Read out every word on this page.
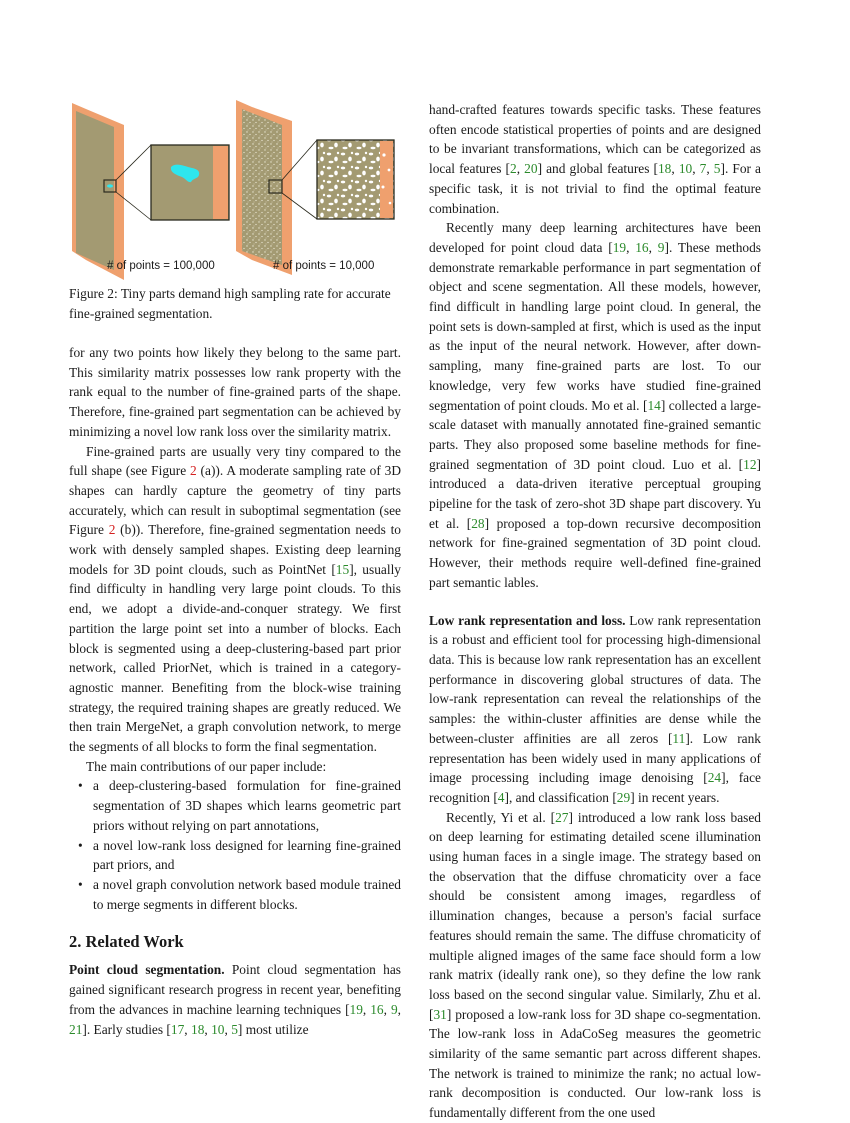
# of points = 100,000	# of points = 10,000
Figure 2: Tiny parts demand high sampling rate for accurate fine-grained segmentation.

for any two points how likely they belong to the same part. This similarity matrix possesses low rank property with the rank equal to the number of fine-grained parts of the shape. Therefore, fine-grained part segmentation can be achieved by minimizing a novel low rank loss over the similarity matrix.

Fine-grained parts are usually very tiny compared to the full shape (see Figure 2 (a)). A moderate sampling rate of 3D shapes can hardly capture the geometry of tiny parts accurately, which can result in suboptimal segmentation (see Figure 2 (b)). Therefore, fine-grained segmentation needs to work with densely sampled shapes. Existing deep learning models for 3D point clouds, such as PointNet [15], usually find difficulty in handling very large point clouds. To this end, we adopt a divide-and-conquer strategy. We first partition the large point set into a number of blocks. Each block is segmented using a deep-clustering-based part prior network, called PriorNet, which is trained in a category-agnostic manner. Benefiting from the block-wise training strategy, the required training shapes are greatly reduced. We then train MergeNet, a graph convolution network, to merge the segments of all blocks to form the final segmentation.

The main contributions of our paper include:

• a deep-clustering-based formulation for fine-grained segmentation of 3D shapes which learns geometric part priors without relying on part annotations,
• a novel low-rank loss designed for learning fine-grained part priors, and
• a novel graph convolution network based module trained to merge segments in different blocks.
2. Related Work

Point cloud segmentation. Point cloud segmentation has gained significant research progress in recent year, benefiting from the advances in machine learning techniques [19, 16, 9, 21]. Early studies [17, 18, 10, 5] most utilize

hand-crafted features towards specific tasks. These features often encode statistical properties of points and are designed to be invariant transformations, which can be categorized as local features [2, 20] and global features [18, 10, 7, 5]. For a specific task, it is not trivial to find the optimal feature combination.

Recently many deep learning architectures have been developed for point cloud data [19, 16, 9]. These methods demonstrate remarkable performance in part segmentation of object and scene segmentation. All these models, however, find difficult in handling large point cloud. In general, the point sets is down-sampled at first, which is used as the input as the input of the neural network. However, after down-sampling, many fine-grained parts are lost. To our knowledge, very few works have studied fine-grained segmentation of point clouds. Mo et al. [14] collected a large-scale dataset with manually annotated fine-grained semantic parts. They also proposed some baseline methods for fine-grained segmentation of 3D point cloud. Luo et al. [12] introduced a data-driven iterative perceptual grouping pipeline for the task of zero-shot 3D shape part discovery. Yu et al. [28] proposed a top-down recursive decomposition network for fine-grained segmentation of 3D point cloud. However, their methods require well-defined fine-grained part semantic lables.

Low rank representation and loss. Low rank representation is a robust and efficient tool for processing high-dimensional data. This is because low rank representation has an excellent performance in discovering global structures of data. The low-rank representation can reveal the relationships of the samples: the within-cluster affinities are dense while the between-cluster affinities are all zeros [11]. Low rank representation has been widely used in many applications of image processing including image denoising [24], face recognition [4], and classification [29] in recent years.

Recently, Yi et al. [27] introduced a low rank loss based on deep learning for estimating detailed scene illumination using human faces in a single image. The strategy based on the observation that the diffuse chromaticity over a face should be consistent among images, regardless of illumination changes, because a person's facial surface features should remain the same. The diffuse chromaticity of multiple aligned images of the same face should form a low rank matrix (ideally rank one), so they define the low rank loss based on the second singular value. Similarly, Zhu et al. [31] proposed a low-rank loss for 3D shape co-segmentation. The low-rank loss in AdaCoSeg measures the geometric similarity of the same semantic part across different shapes. The network is trained to minimize the rank; no actual low-rank decomposition is conducted. Our low-rank loss is fundamentally different from the one used
